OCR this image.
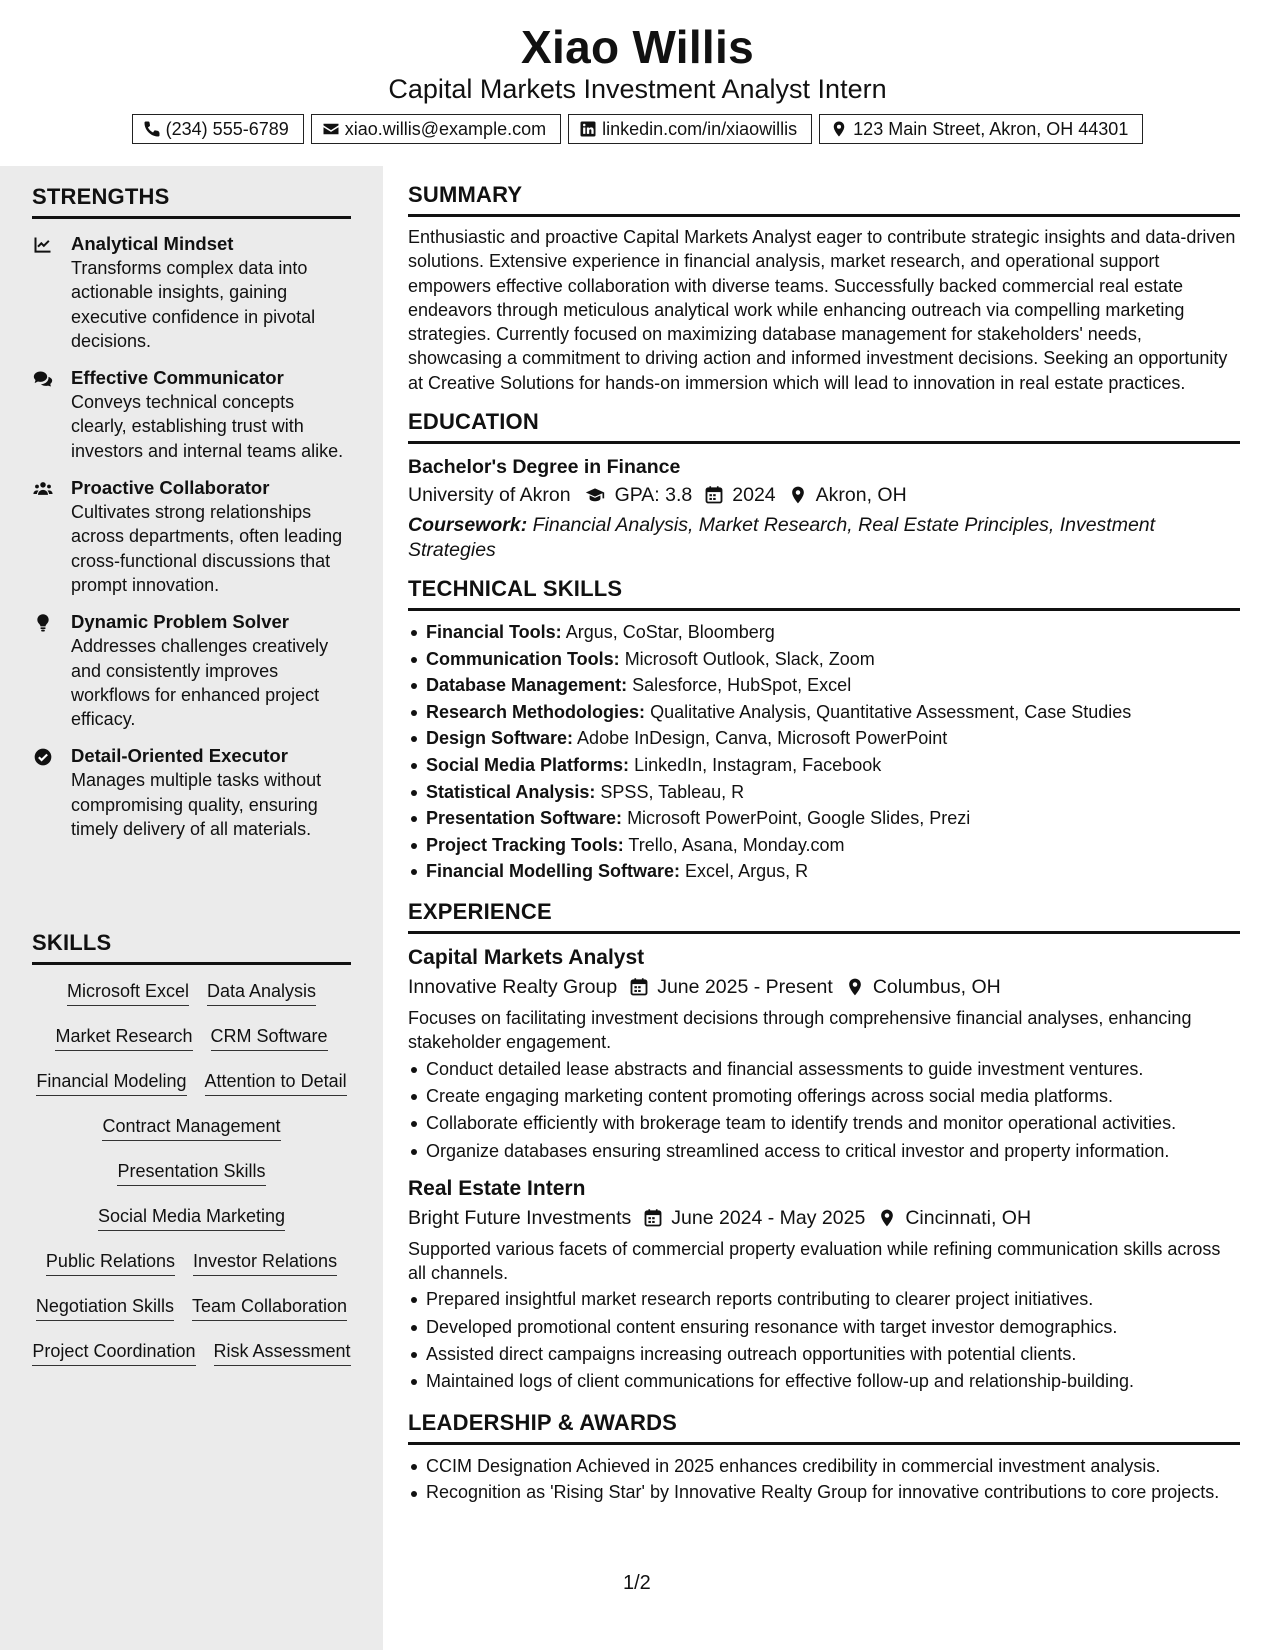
Xiao Willis
Capital Markets Investment Analyst Intern
(234) 555-6789	xiao.willis@example.com	linkedin.com/in/xiaowillis	123 Main Street, Akron, OH 44301
STRENGTHS
Analytical Mindset
Transforms complex data into actionable insights, gaining executive confidence in pivotal decisions.
Effective Communicator
Conveys technical concepts clearly, establishing trust with investors and internal teams alike.
Proactive Collaborator
Cultivates strong relationships across departments, often leading cross-functional discussions that prompt innovation.
Dynamic Problem Solver
Addresses challenges creatively and consistently improves workflows for enhanced project efficacy.
Detail-Oriented Executor
Manages multiple tasks without compromising quality, ensuring timely delivery of all materials.
SKILLS
Microsoft Excel Data Analysis
Market Research CRM Software
Financial Modeling Attention to Detail
Contract Management
Presentation Skills
Social Media Marketing
Public Relations Investor Relations
Negotiation Skills Team Collaboration
Project Coordination Risk Assessment
SUMMARY
Enthusiastic and proactive Capital Markets Analyst eager to contribute strategic insights and data-driven solutions. Extensive experience in financial analysis, market research, and operational support empowers effective collaboration with diverse teams. Successfully backed commercial real estate endeavors through meticulous analytical work while enhancing outreach via compelling marketing strategies. Currently focused on maximizing database management for stakeholders' needs, showcasing a commitment to driving action and informed investment decisions. Seeking an opportunity at Creative Solutions for hands-on immersion which will lead to innovation in real estate practices.
EDUCATION
Bachelor's Degree in Finance
University of Akron GPA: 3.8 2024 Akron, OH
Coursework: Financial Analysis, Market Research, Real Estate Principles, Investment Strategies
TECHNICAL SKILLS
Financial Tools: Argus, CoStar, Bloomberg
Communication Tools: Microsoft Outlook, Slack, Zoom
Database Management: Salesforce, HubSpot, Excel
Research Methodologies: Qualitative Analysis, Quantitative Assessment, Case Studies
Design Software: Adobe InDesign, Canva, Microsoft PowerPoint
Social Media Platforms: LinkedIn, Instagram, Facebook
Statistical Analysis: SPSS, Tableau, R
Presentation Software: Microsoft PowerPoint, Google Slides, Prezi
Project Tracking Tools: Trello, Asana, Monday.com
Financial Modelling Software: Excel, Argus, R
EXPERIENCE
Capital Markets Analyst
Innovative Realty Group June 2025 - Present Columbus, OH
Focuses on facilitating investment decisions through comprehensive financial analyses, enhancing stakeholder engagement.
Conduct detailed lease abstracts and financial assessments to guide investment ventures.
Create engaging marketing content promoting offerings across social media platforms.
Collaborate efficiently with brokerage team to identify trends and monitor operational activities.
Organize databases ensuring streamlined access to critical investor and property information.
Real Estate Intern
Bright Future Investments June 2024 - May 2025 Cincinnati, OH
Supported various facets of commercial property evaluation while refining communication skills across all channels.
Prepared insightful market research reports contributing to clearer project initiatives.
Developed promotional content ensuring resonance with target investor demographics.
Assisted direct campaigns increasing outreach opportunities with potential clients.
Maintained logs of client communications for effective follow-up and relationship-building.
LEADERSHIP & AWARDS
CCIM Designation Achieved in 2025 enhances credibility in commercial investment analysis.
Recognition as 'Rising Star' by Innovative Realty Group for innovative contributions to core projects.
1/2
